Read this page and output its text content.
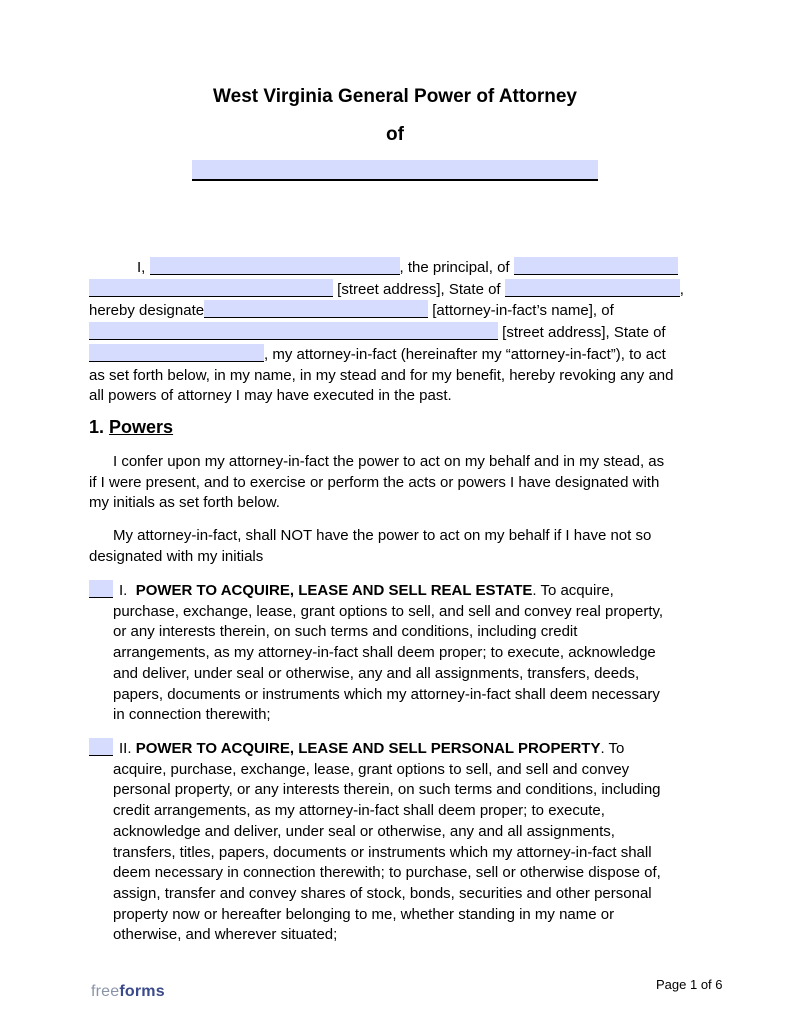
West Virginia General Power of Attorney
of
I,	, the principal, of
[street address], State of	,
hereby designate	[attorney-in-fact’s name], of
[street address], State of
, my attorney-in-fact (hereinafter my “attorney-in-fact”), to act
as set forth below, in my name, in my stead and for my benefit, hereby revoking any and
all powers of attorney I may have executed in the past.
1. Powers
I confer upon my attorney-in-fact the power to act on my behalf and in my stead, as
if I were present, and to exercise or perform the acts or powers I have designated with
my initials as set forth below.
My attorney-in-fact, shall NOT have the power to act on my behalf if I have not so
designated with my initials
I. POWER TO ACQUIRE, LEASE AND SELL REAL ESTATE. To acquire,
purchase, exchange, lease, grant options to sell, and sell and convey real property,
or any interests therein, on such terms and conditions, including credit
arrangements, as my attorney-in-fact shall deem proper; to execute, acknowledge
and deliver, under seal or otherwise, any and all assignments, transfers, deeds,
papers, documents or instruments which my attorney-in-fact shall deem necessary
in connection therewith;
II. POWER TO ACQUIRE, LEASE AND SELL PERSONAL PROPERTY. To
acquire, purchase, exchange, lease, grant options to sell, and sell and convey
personal property, or any interests therein, on such terms and conditions, including
credit arrangements, as my attorney-in-fact shall deem proper; to execute,
acknowledge and deliver, under seal or otherwise, any and all assignments,
transfers, titles, papers, documents or instruments which my attorney-in-fact shall
deem necessary in connection therewith; to purchase, sell or otherwise dispose of,
assign, transfer and convey shares of stock, bonds, securities and other personal
property now or hereafter belonging to me, whether standing in my name or
otherwise, and wherever situated;
freeforms	Page 1 of 6
